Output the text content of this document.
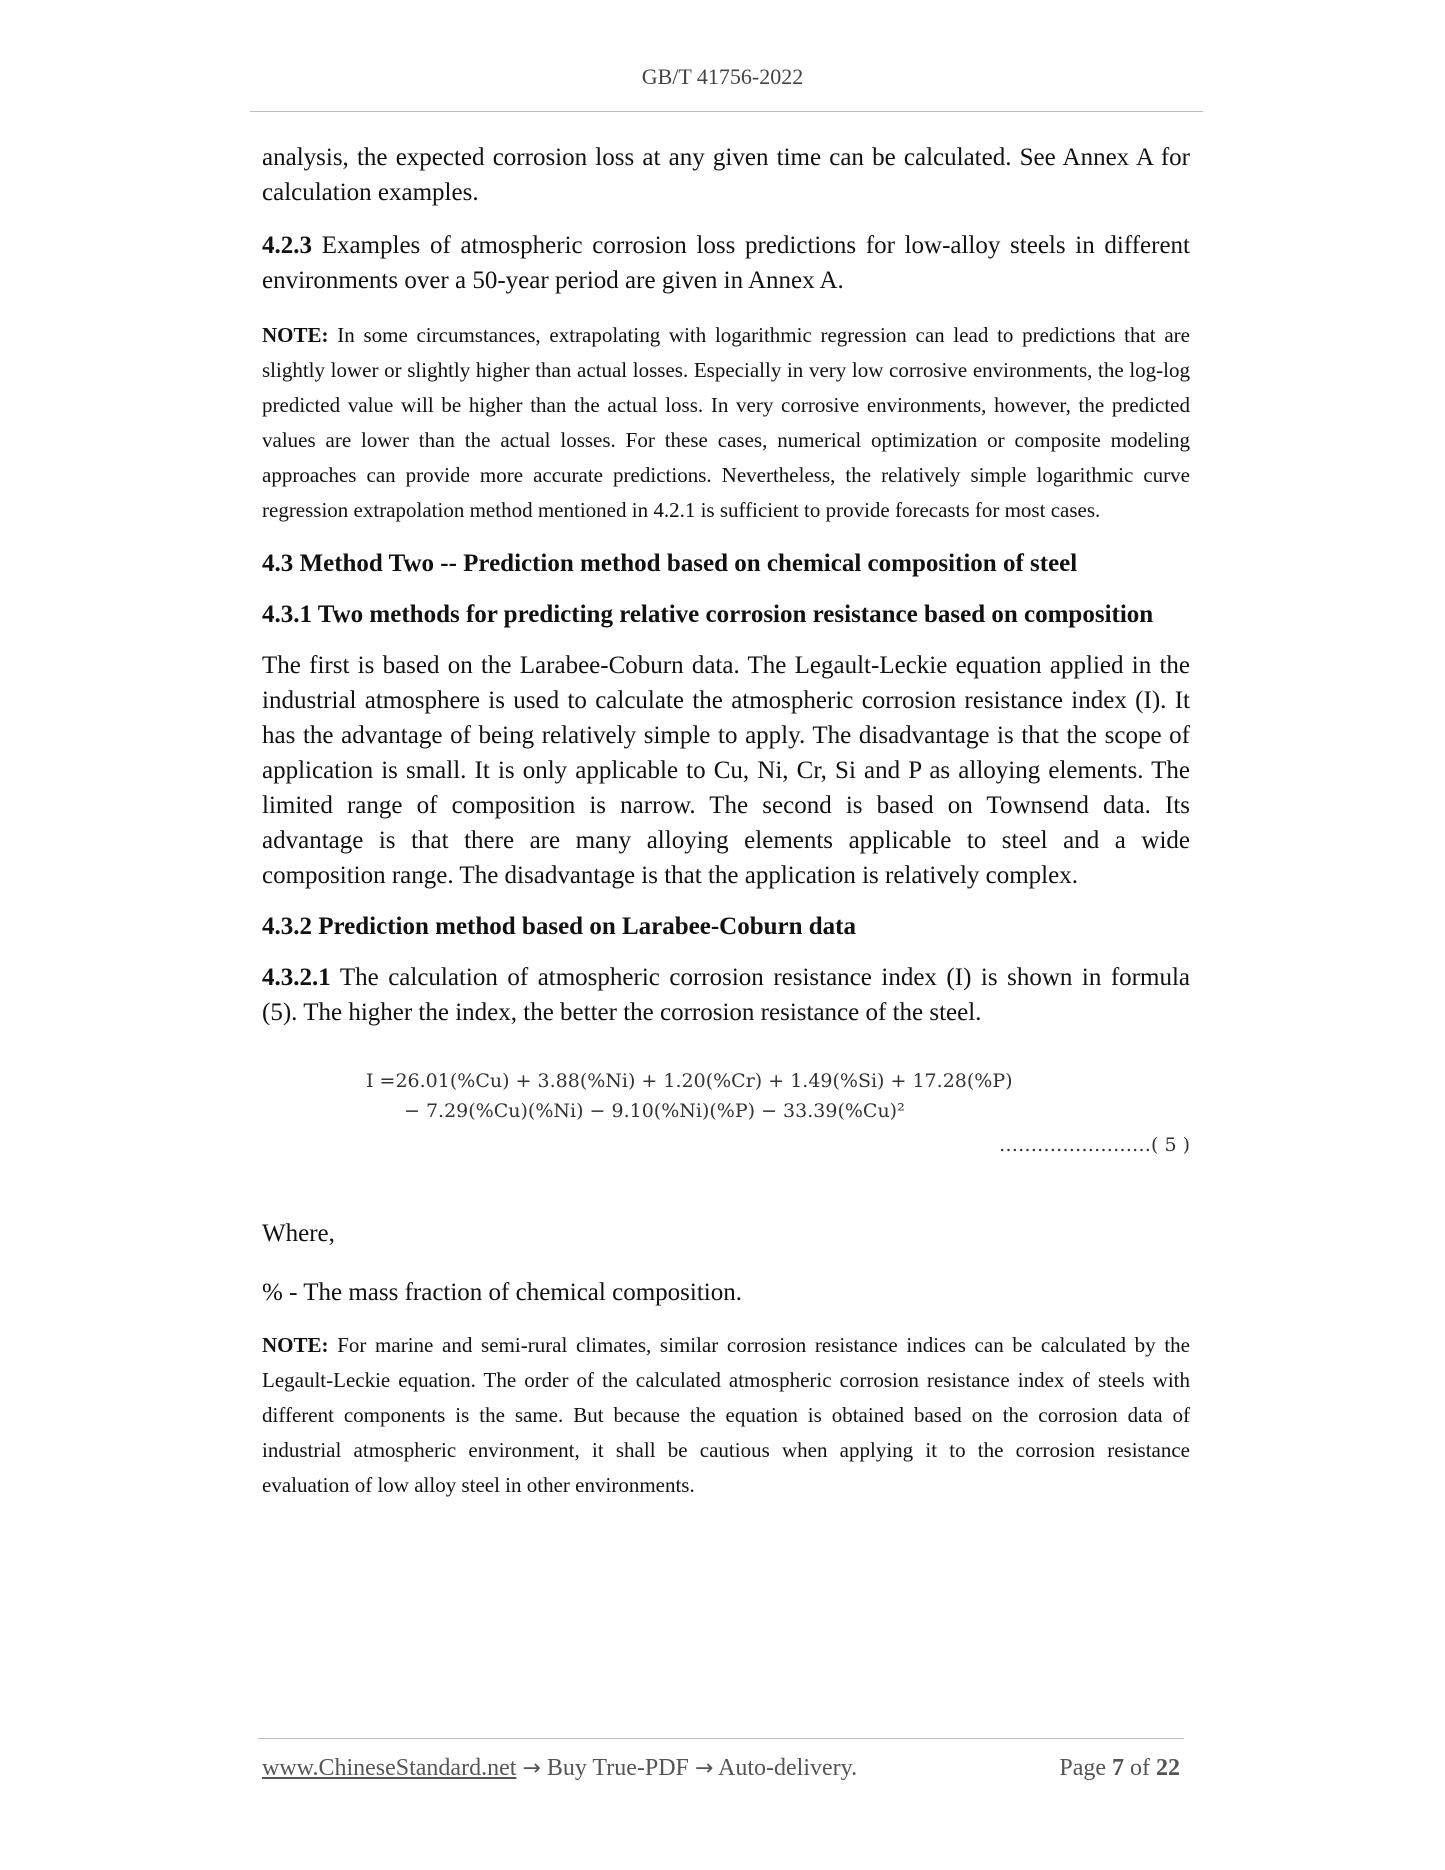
GB/T 41756-2022

analysis, the expected corrosion loss at any given time can be calculated. See Annex A for calculation examples.

4.2.3 Examples of atmospheric corrosion loss predictions for low-alloy steels in different environments over a 50-year period are given in Annex A.

NOTE: In some circumstances, extrapolating with logarithmic regression can lead to predictions that are slightly lower or slightly higher than actual losses. Especially in very low corrosive environments, the log-log predicted value will be higher than the actual loss. In very corrosive environments, however, the predicted values are lower than the actual losses. For these cases, numerical optimization or composite modeling approaches can provide more accurate predictions. Nevertheless, the relatively simple logarithmic curve regression extrapolation method mentioned in 4.2.1 is sufficient to provide forecasts for most cases.

4.3 Method Two -- Prediction method based on chemical composition of steel

4.3.1 Two methods for predicting relative corrosion resistance based on composition

The first is based on the Larabee-Coburn data. The Legault-Leckie equation applied in the industrial atmosphere is used to calculate the atmospheric corrosion resistance index (I). It has the advantage of being relatively simple to apply. The disadvantage is that the scope of application is small. It is only applicable to Cu, Ni, Cr, Si and P as alloying elements. The limited range of composition is narrow. The second is based on Townsend data. Its advantage is that there are many alloying elements applicable to steel and a wide composition range. The disadvantage is that the application is relatively complex.

4.3.2 Prediction method based on Larabee-Coburn data

4.3.2.1 The calculation of atmospheric corrosion resistance index (I) is shown in formula (5). The higher the index, the better the corrosion resistance of the steel.

I =26.01(%Cu) + 3.88(%Ni) + 1.20(%Cr) + 1.49(%Si) + 17.28(%P)
− 7.29(%Cu)(%Ni) − 9.10(%Ni)(%P) − 33.39(%Cu)²
……………………( 5 )

Where,

% - The mass fraction of chemical composition.

NOTE: For marine and semi-rural climates, similar corrosion resistance indices can be calculated by the Legault-Leckie equation. The order of the calculated atmospheric corrosion resistance index of steels with different components is the same. But because the equation is obtained based on the corrosion data of industrial atmospheric environment, it shall be cautious when applying it to the corrosion resistance evaluation of low alloy steel in other environments.

www.ChineseStandard.net → Buy True-PDF → Auto-delivery.	Page 7 of 22
